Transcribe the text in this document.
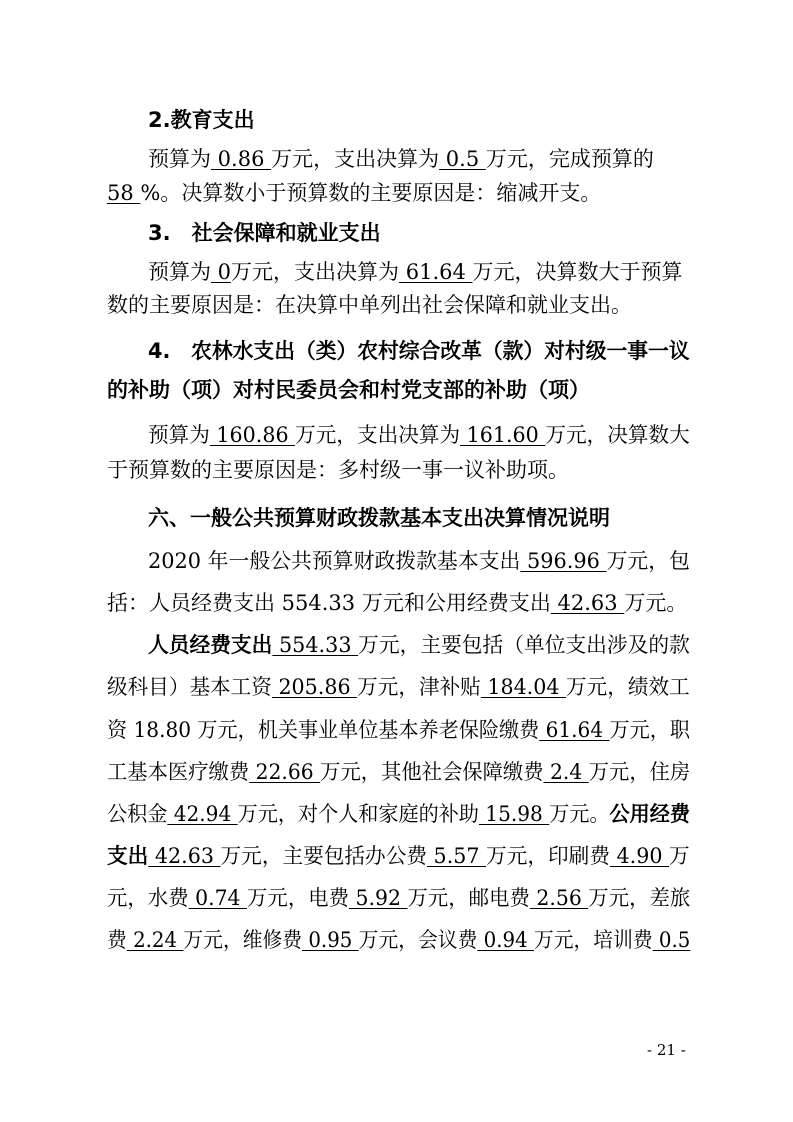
2.教育支出
预算为 0.86 万元，支出决算为 0.5 万元，完成预算的
58 %。决算数小于预算数的主要原因是：缩减开支。
3.　社会保障和就业支出
预算为 0万元，支出决算为 61.64 万元，决算数大于预算
数的主要原因是：在决算中单列出社会保障和就业支出。
4.　农林水支出（类）农村综合改革（款）对村级一事一议
的补助（项）对村民委员会和村党支部的补助（项）
预算为 160.86 万元，支出决算为 161.60 万元，决算数大
于预算数的主要原因是：多村级一事一议补助项。
六、一般公共预算财政拨款基本支出决算情况说明
2020 年一般公共预算财政拨款基本支出 596.96 万元，包
括：人员经费支出 554.33 万元和公用经费支出 42.63 万元。
人员经费支出 554.33 万元，主要包括（单位支出涉及的款
级科目）基本工资 205.86 万元，津补贴 184.04 万元，绩效工
资 18.80 万元，机关事业单位基本养老保险缴费 61.64 万元，职
工基本医疗缴费 22.66 万元，其他社会保障缴费 2.4 万元，住房
公积金 42.94 万元，对个人和家庭的补助 15.98 万元。公用经费
支出 42.63 万元，主要包括办公费 5.57 万元，印刷费 4.90 万
元，水费 0.74 万元，电费 5.92 万元，邮电费 2.56 万元，差旅
费 2.24 万元，维修费 0.95 万元，会议费 0.94 万元，培训费 0.5
- 21 -
